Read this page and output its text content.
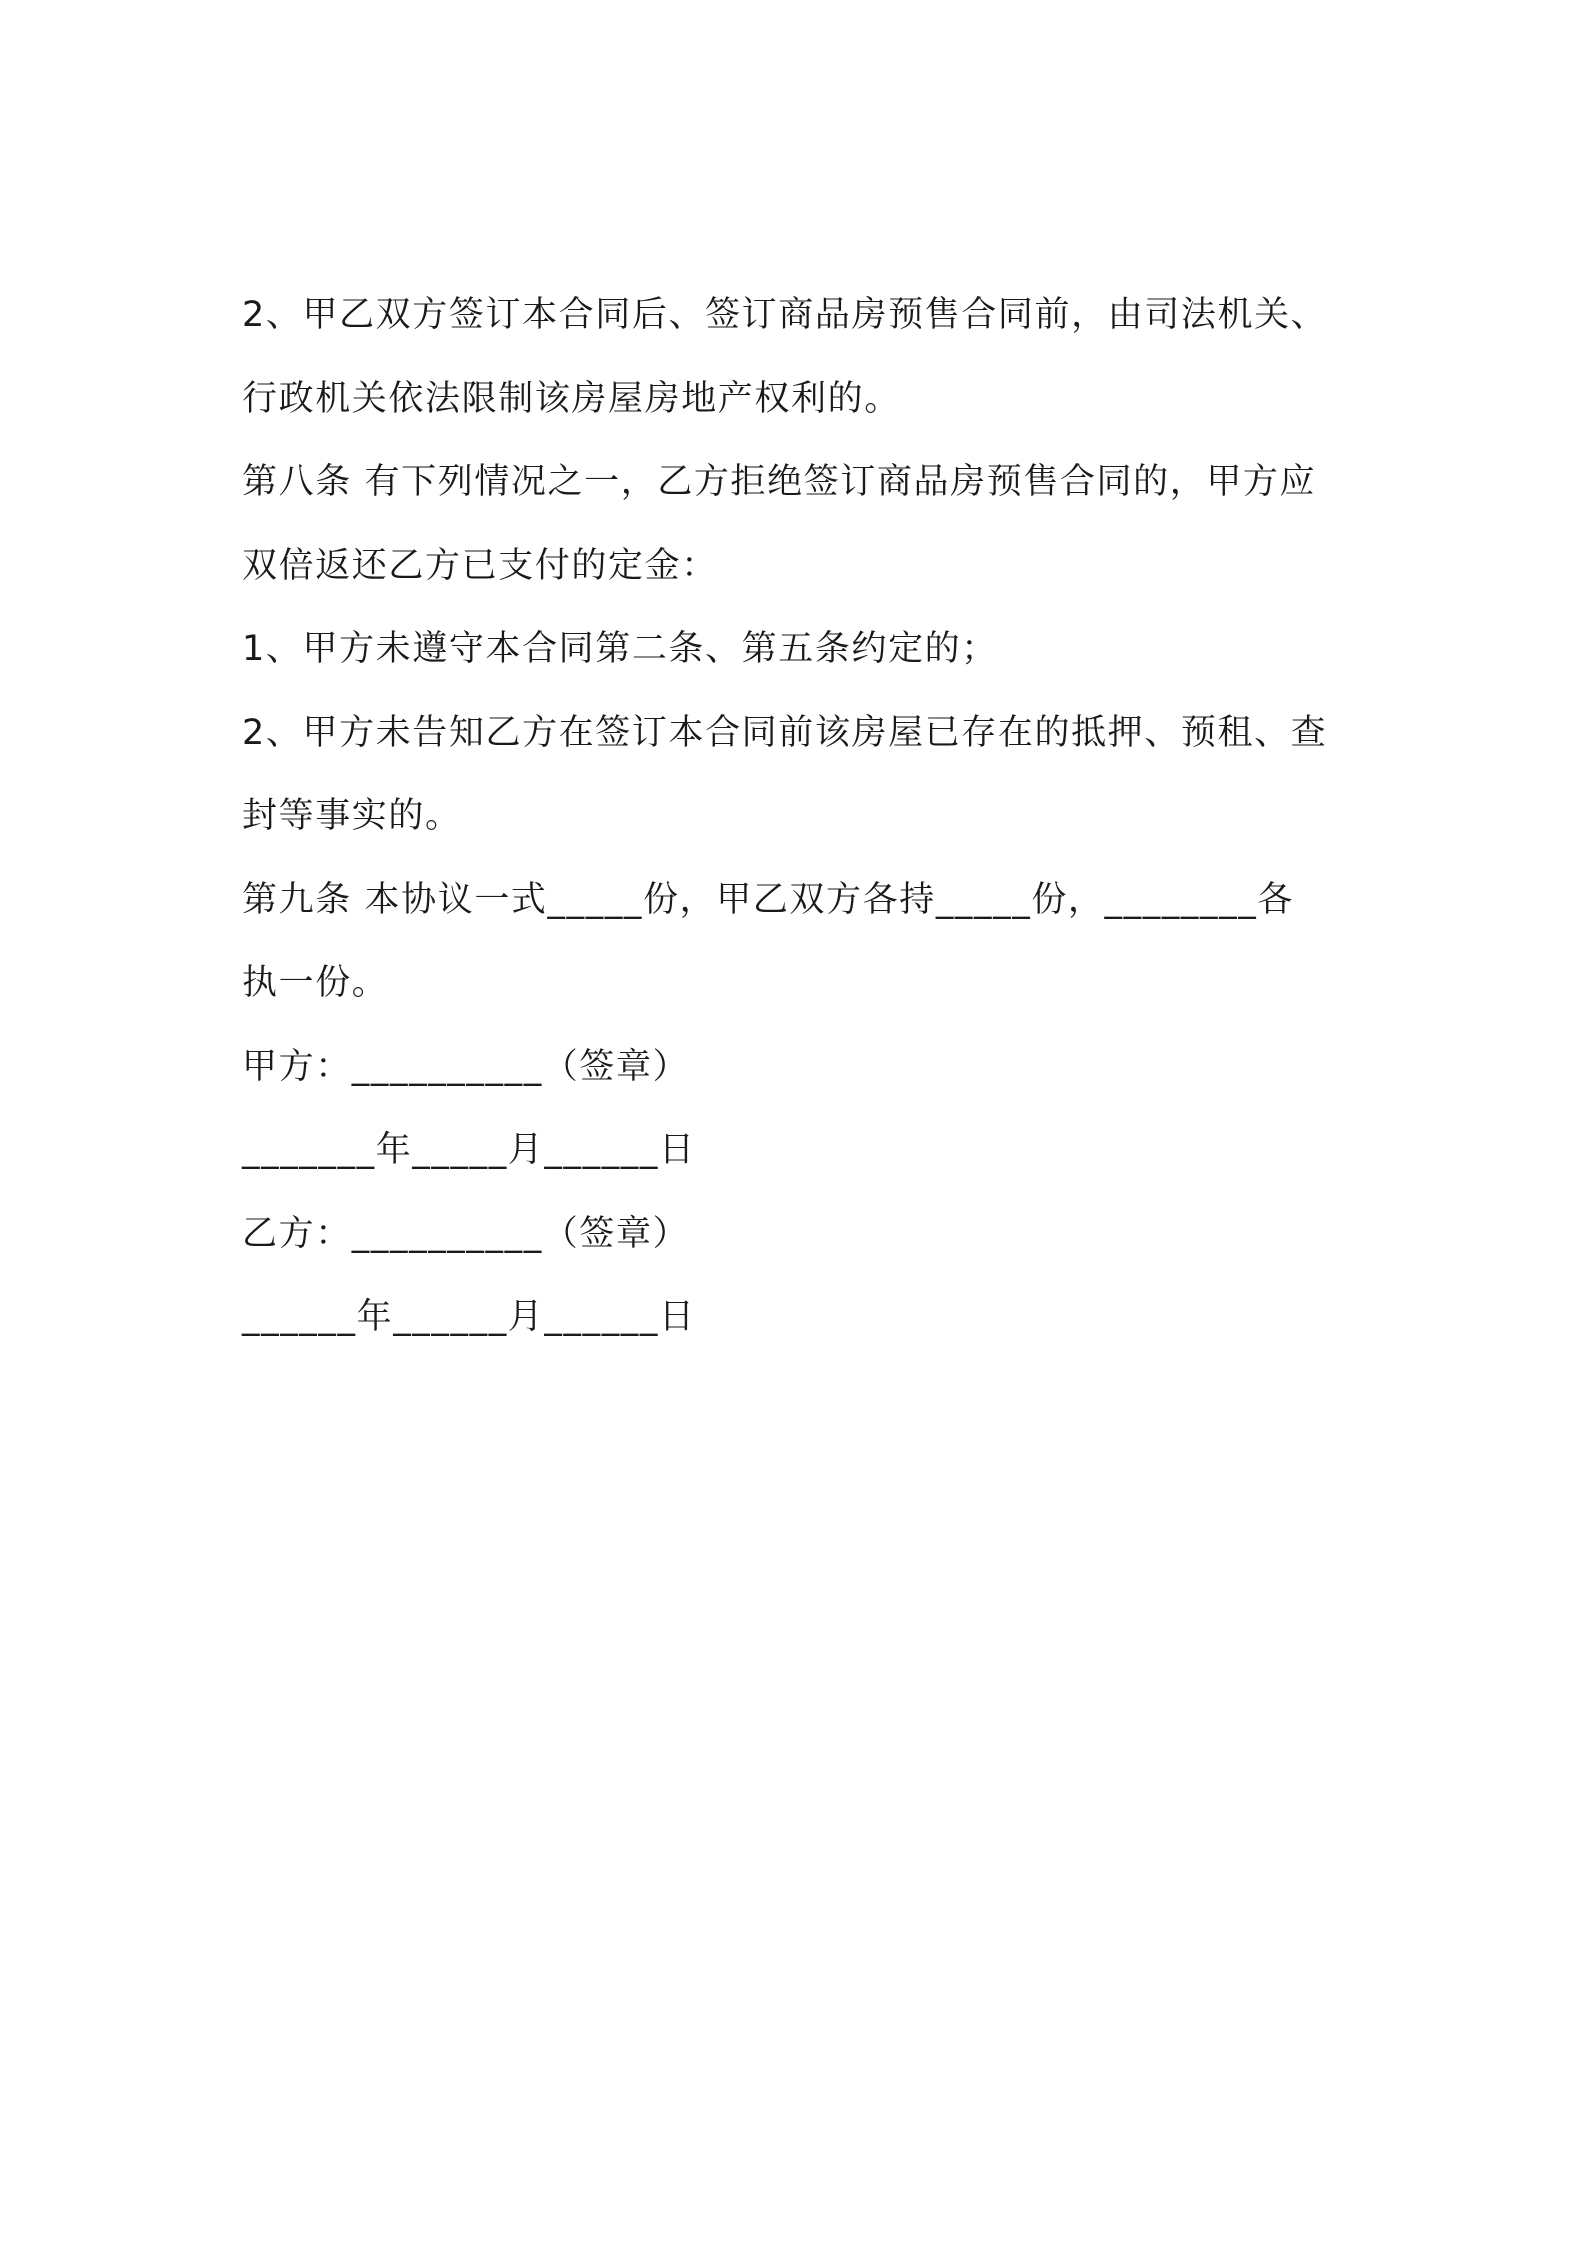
2、甲乙双方签订本合同后、签订商品房预售合同前，由司法机关、
行政机关依法限制该房屋房地产权利的。
第八条 有下列情况之一，乙方拒绝签订商品房预售合同的，甲方应
双倍返还乙方已支付的定金：
1、甲方未遵守本合同第二条、第五条约定的；
2、甲方未告知乙方在签订本合同前该房屋已存在的抵押、预租、查
封等事实的。
第九条 本协议一式_____份，甲乙双方各持_____份，________各
执一份。
甲方：__________（签章）
_______年_____月______日
乙方：__________（签章）
______年______月______日
